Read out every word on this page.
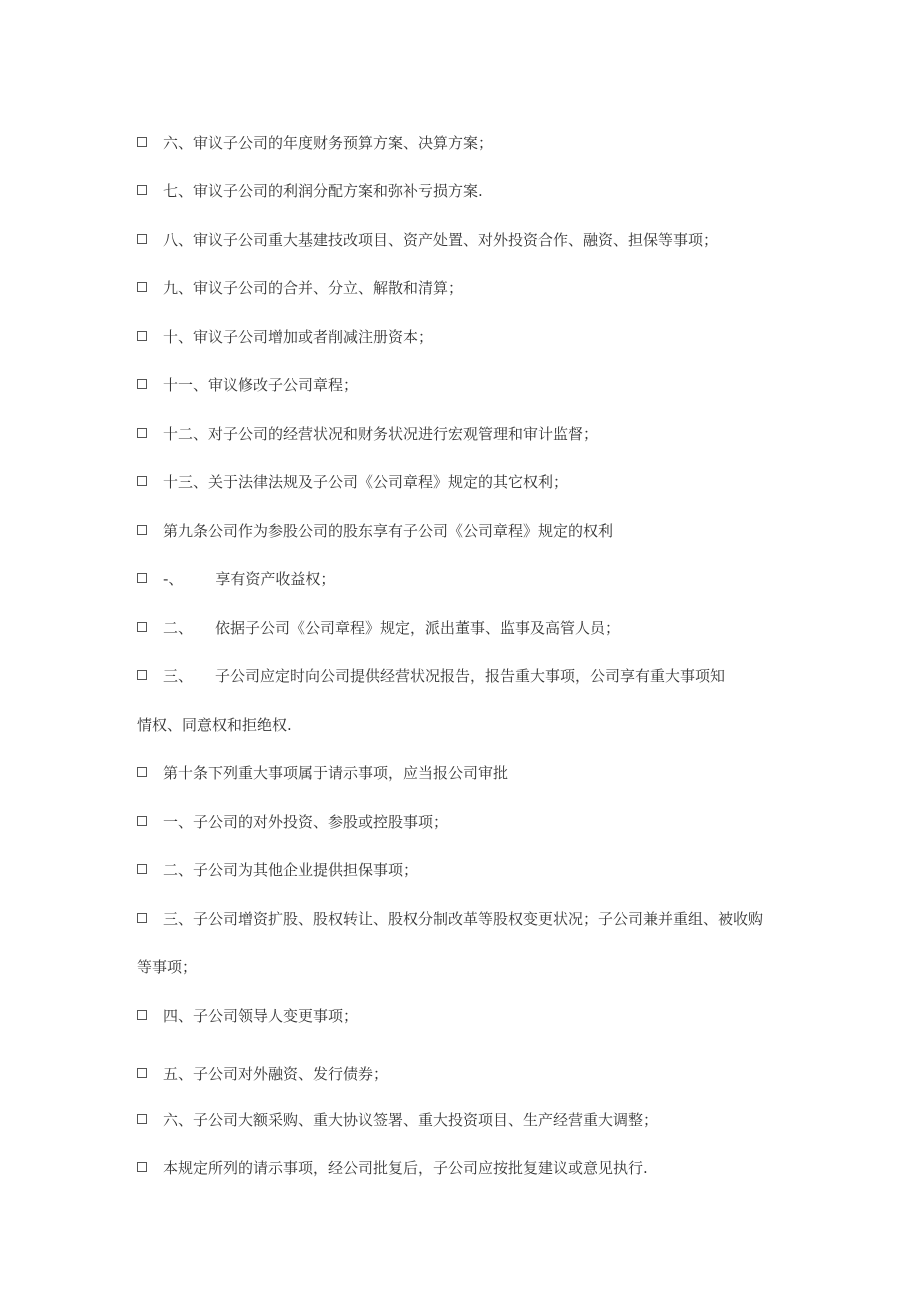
六、审议子公司的年度财务预算方案、决算方案；
七、审议子公司的利润分配方案和弥补亏损方案.
八、审议子公司重大基建技改项目、资产处置、对外投资合作、融资、担保等事项；
九、审议子公司的合并、分立、解散和清算；
十、审议子公司增加或者削减注册资本；
十一、审议修改子公司章程；
十二、对子公司的经营状况和财务状况进行宏观管理和审计监督；
十三、关于法律法规及子公司《公司章程》规定的其它权利；
第九条公司作为参股公司的股东享有子公司《公司章程》规定的权利
-、 享有资产收益权；
二、 依据子公司《公司章程》规定，派出董事、监事及高管人员；
三、 子公司应定时向公司提供经营状况报告，报告重大事项，公司享有重大事项知
情权、同意权和拒绝权.
第十条下列重大事项属于请示事项，应当报公司审批
一、子公司的对外投资、参股或控股事项；
二、子公司为其他企业提供担保事项；
三、子公司增资扩股、股权转让、股权分制改革等股权变更状况；子公司兼并重组、被收购
等事项；
四、子公司领导人变更事项；
五、子公司对外融资、发行债券；
六、子公司大额采购、重大协议签署、重大投资项目、生产经营重大调整；
本规定所列的请示事项，经公司批复后，子公司应按批复建议或意见执行.
